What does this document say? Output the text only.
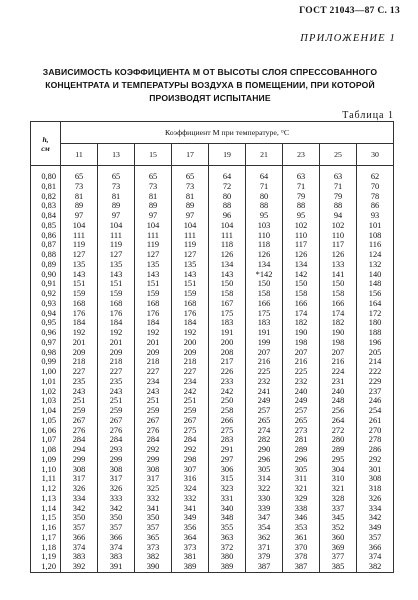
ГОСТ 21043—87 С. 13
ПРИЛОЖЕНИЕ 1

ЗАВИСИМОСТЬ КОЭФФИЦИЕНТА М ОТ ВЫСОТЫ СЛОЯ СПРЕССОВАННОГО

КОНЦЕНТРАТА И ТЕМПЕРАТУРЫ ВОЗДУХА В ПОМЕЩЕНИИ, ПРИ КОТОРОЙ

ПРОИЗВОДЯТ ИСПЫТАНИЕ

Таблица 1
h,
см	Коэффициент М при температуре, °С								
	11	13	15	17	19	21	23	25	30
0,80	65	65	65	65	64	64	63	63	62
0,81	73	73	73	73	72	71	71	71	70
0,82	81	81	81	81	80	80	79	79	78
0,83	89	89	89	89	88	88	88	88	86
0,84	97	97	97	97	96	95	95	94	93
0,85	104	104	104	104	104	103	102	102	101
0,86	111	111	111	111	111	110	110	110	108
0,87	119	119	119	119	118	118	117	117	116
0,88	127	127	127	127	126	126	126	126	124
0,89	135	135	135	135	134	134	134	133	132
0,90	143	143	143	143	143	*142	142	141	140
0,91	151	151	151	151	150	150	150	150	148
0,92	159	159	159	159	158	158	158	158	156
0,93	168	168	168	168	167	166	166	166	164
0,94	176	176	176	176	175	175	174	174	172
0,95	184	184	184	184	183	183	182	182	180
0,96	192	192	192	192	191	191	190	190	188
0,97	201	201	201	200	200	199	198	198	196
0,98	209	209	209	209	208	207	207	207	205
0,99	218	218	218	218	217	216	216	216	214
1,00	227	227	227	227	226	225	225	224	222
1,01	235	235	234	234	233	232	232	231	229
1,02	243	243	243	242	242	241	240	240	237
1,03	251	251	251	251	250	249	249	248	246
1,04	259	259	259	259	258	257	257	256	254
1,05	267	267	267	267	266	265	265	264	261
1,06	276	276	276	275	275	274	273	272	270
1,07	284	284	284	284	283	282	281	280	278
1,08	294	293	292	292	291	290	289	289	286
1,09	299	299	299	298	297	296	296	295	292
1,10	308	308	308	307	306	305	305	304	301
1,11	317	317	317	316	315	314	311	310	308
1,12	326	326	325	324	323	322	321	321	318
1,13	334	333	332	332	331	330	329	328	326
1,14	342	342	341	341	340	339	338	337	334
1,15	350	350	350	349	348	347	346	345	342
1,16	357	357	357	356	355	354	353	352	349
1,17	366	366	365	364	363	362	361	360	357
1,18	374	374	373	373	372	371	370	369	366
1,19	383	383	382	381	380	379	378	377	374
1,20	392	391	390	389	389	387	387	385	382
